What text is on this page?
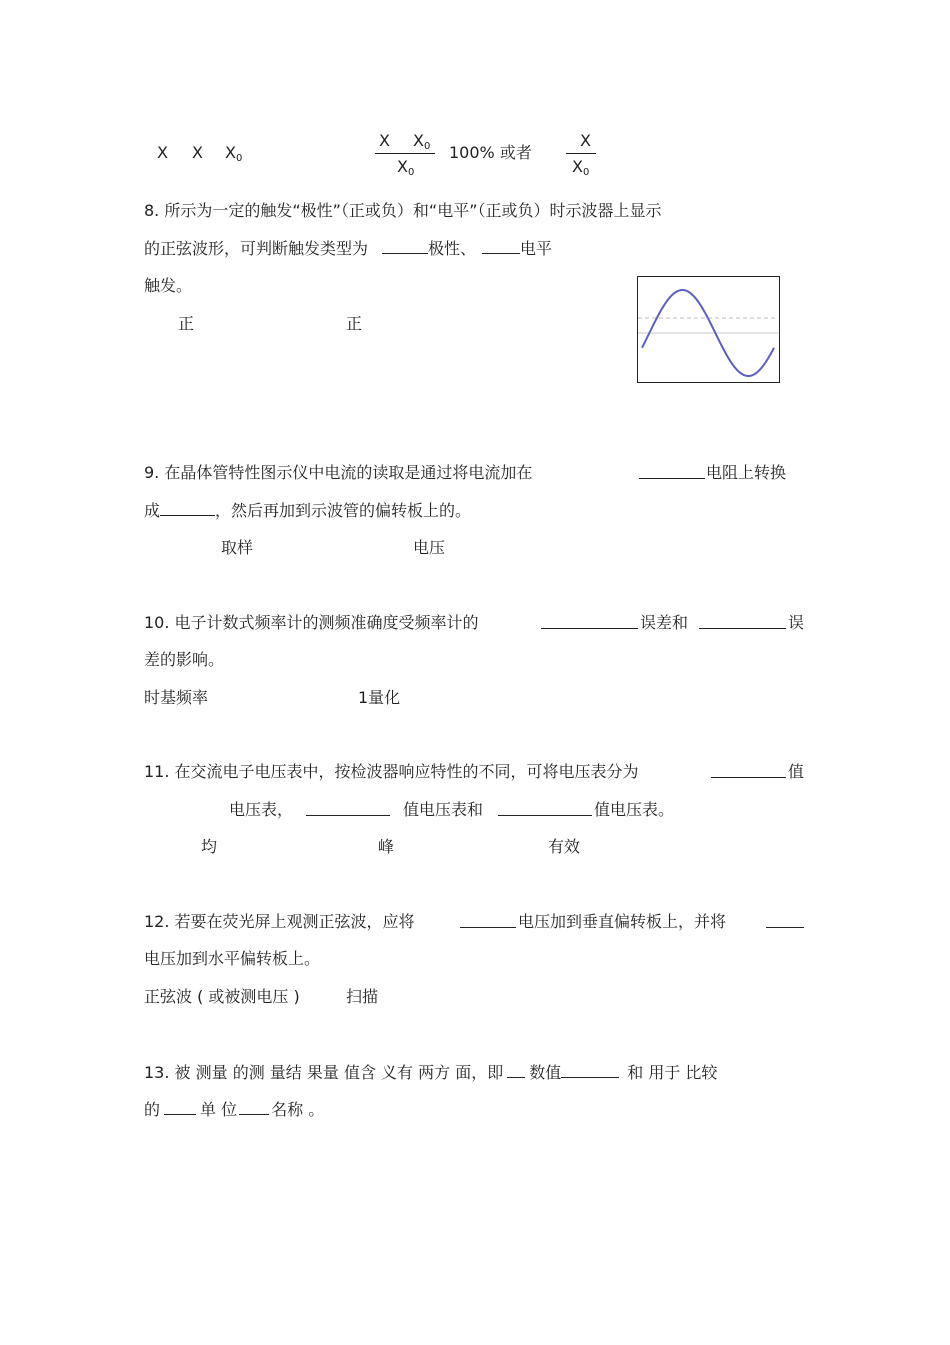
X X $X_0$
X $X_0$
$X_0$
100% 或者
X
$X_0$
8. 所示为一定的触发“极性”（正或负）和“电平”（正或负）时示波器上显示
的正弦波形，可判断触发类型为	极性、	电平
触发。
正	正
9. 在晶体管特性图示仪中电流的读取是通过将电流加在	电阻上转换
成	，然后再加到示波管的偏转板上的。
取样	电压
10. 电子计数式频率计的测频准确度受频率计的	误差和	误
差的影响。
时基频率	1量化
11. 在交流电子电压表中，按检波器响应特性的不同，可将电压表分为	值
电压表，	值电压表和	值电压表。
均	峰	有效
12. 若要在荧光屏上观测正弦波，应将	电压加到垂直偏转板上，并将
电压加到水平偏转板上。
正弦波 ( 或被测电压 )	扫描
13. 被 测量 的测 量结 果量 值含 义有 两方 面，即 数值	和 用于 比较
的	单 位 名称 。
